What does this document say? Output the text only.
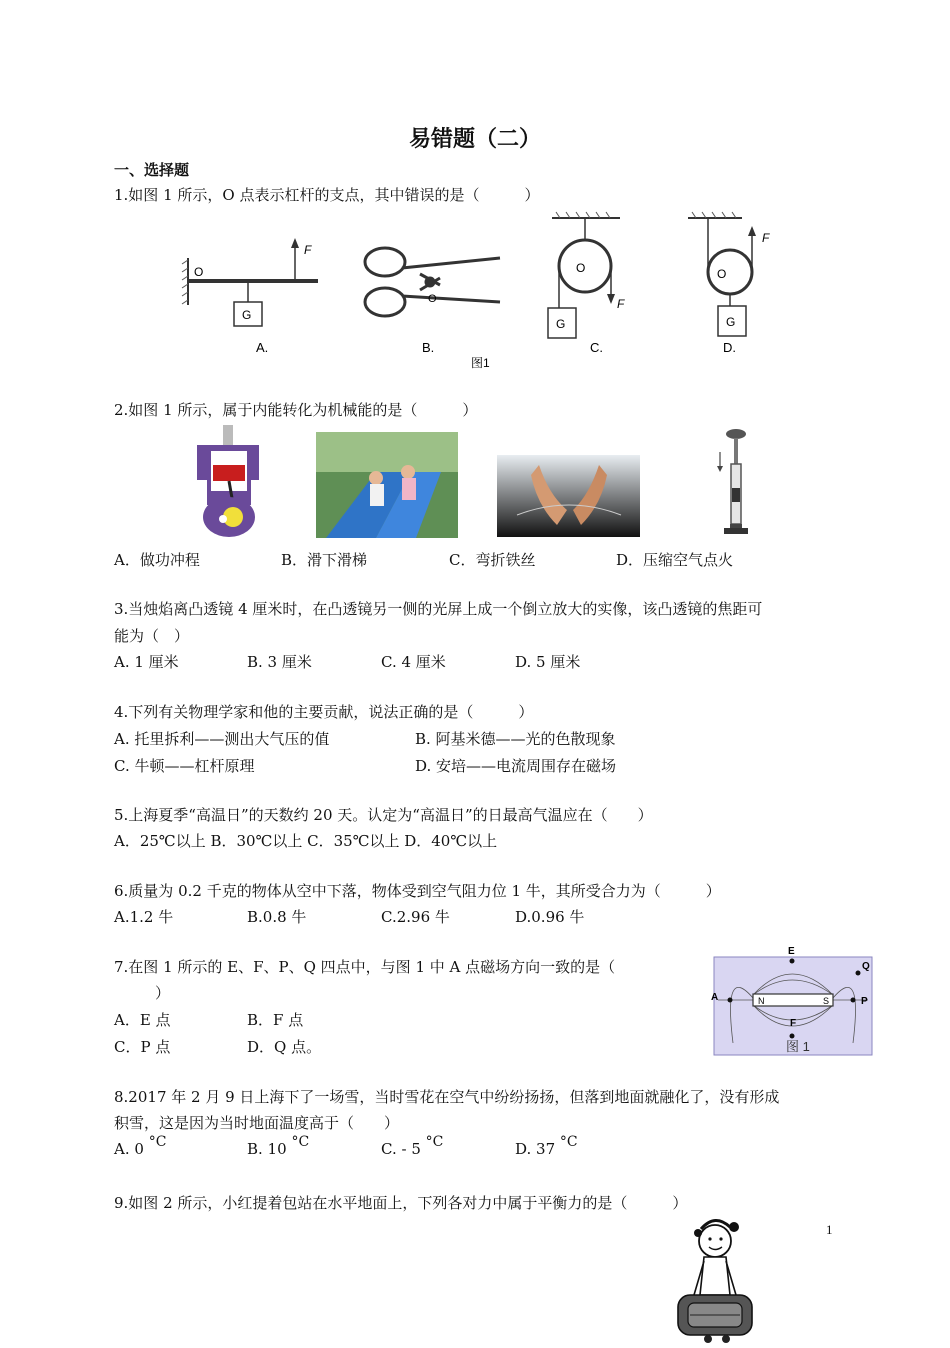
易错题（二）
一、选择题
1.如图 1 所示，O 点表示杠杆的支点，其中错误的是（　　　）
F
O
G
A.
O
B.
图1
O
G
F
C.
O
F
G
D.
2.如图 1 所示，属于内能转化为机械能的是（　　　）
A．做功冲程	B．滑下滑梯	C．弯折铁丝	D．压缩空气点火
3.当烛焰离凸透镜 4 厘米时，在凸透镜另一侧的光屏上成一个倒立放大的实像，该凸透镜的焦距可
能为（　）
A. 1 厘米	B. 3 厘米	C. 4 厘米	D. 5 厘米
4.下列有关物理学家和他的主要贡献，说法正确的是（　　　）
A. 托里拆利——测出大气压的值	B. 阿基米德——光的色散现象
C. 牛顿——杠杆原理	D. 安培——电流周围存在磁场
5.上海夏季“高温日”的天数约 20 天。认定为“高温日”的日最高气温应在（　　）
A．25℃以上 B．30℃以上 C．35℃以上 D．40℃以上
6.质量为 0.2 千克的物体从空中下落，物体受到空气阻力位 1 牛，其所受合力为（　　　）
A.1.2 牛	B.0.8 牛	C.2.96 牛	D.0.96 牛
7.在图 1 所示的 E、F、P、Q 四点中，与图 1 中 A 点磁场方向一致的是（
）
A．E 点	B．F 点
C．P 点	D．Q 点。
N	S
E
F
P
Q
A
图 1
8.2017 年 2 月 9 日上海下了一场雪，当时雪花在空气中纷纷扬扬，但落到地面就融化了，没有形成
积雪，这是因为当时地面温度高于（　　）
A. 0 °C	B. 10 °C	C. - 5 °C	D. 37 °C
9.如图 2 所示，小红提着包站在水平地面上，下列各对力中属于平衡力的是（　　　）
1
